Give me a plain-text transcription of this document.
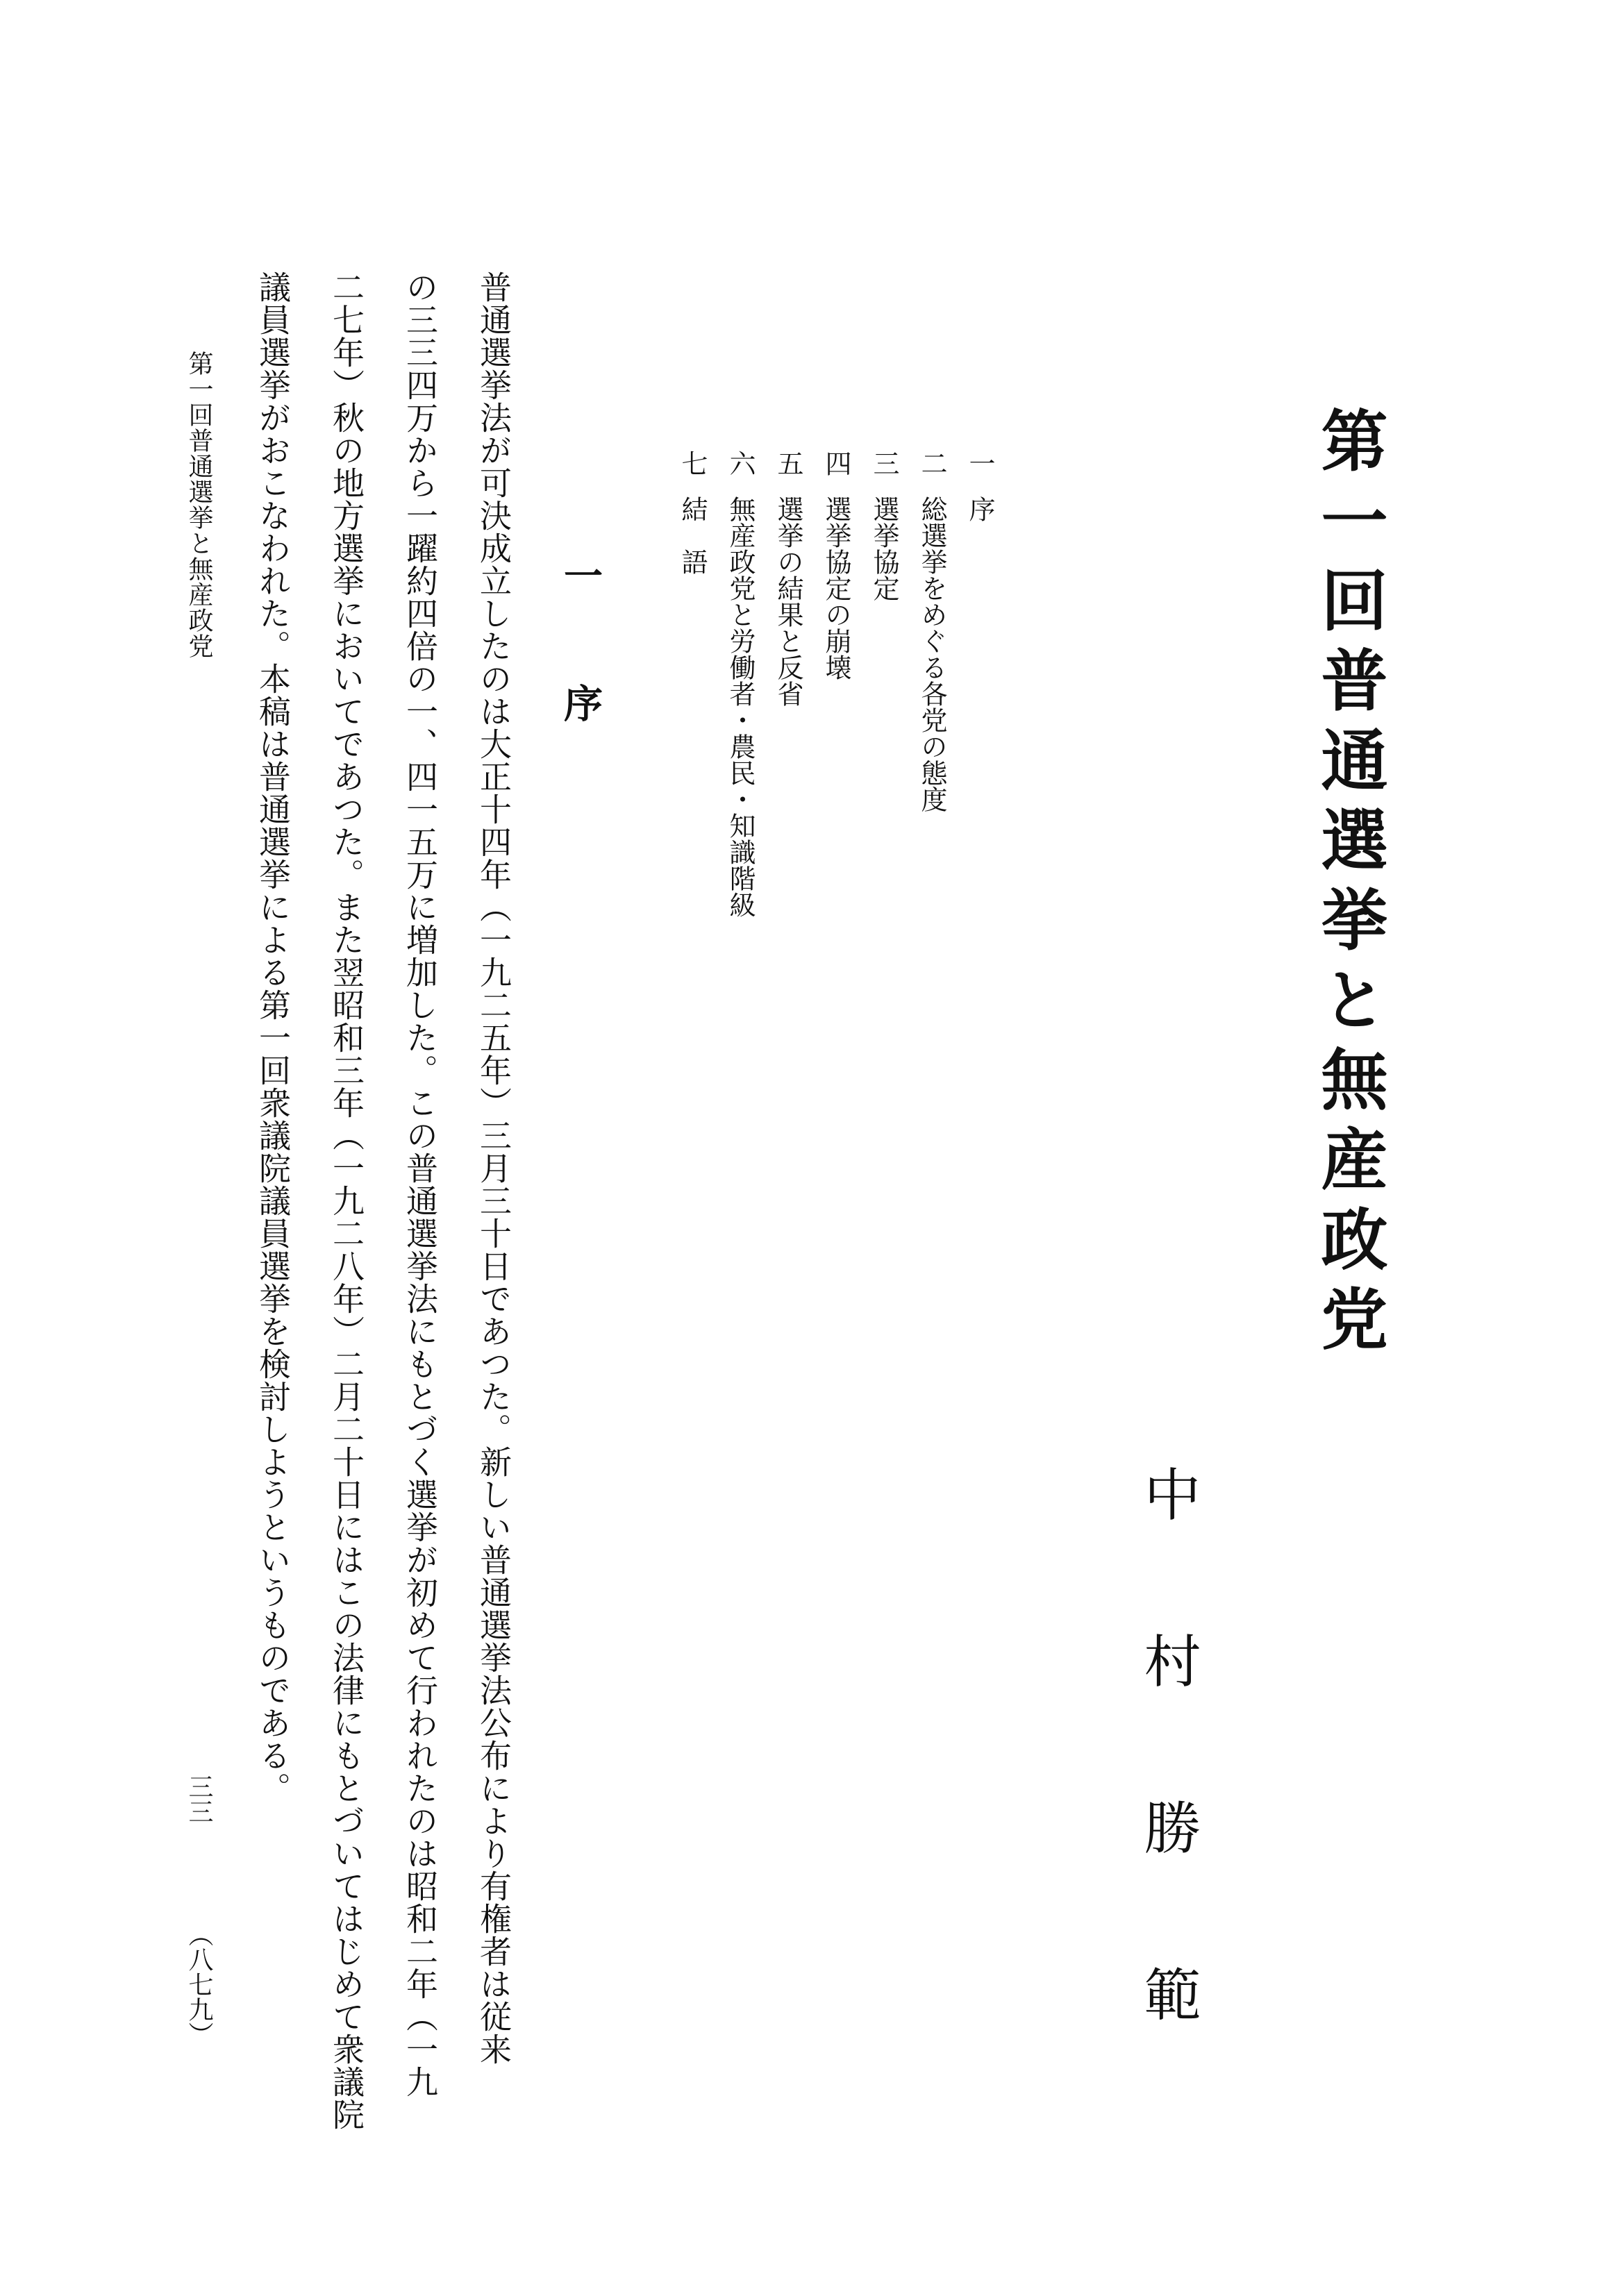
第一回普通選挙と無産政党
中村勝範
一序
二総選挙をめぐる各党の態度
三選挙協定
四選挙協定の崩壊
五選挙の結果と反省
六無産政党と労働者・農民・知識階級
七結　語
一　序

普通選挙法が可決成立したのは大正十四年（一九二五年）三月三十日であつた。新しい普通選挙法公布により有権者は従来

の三三四万から一躍約四倍の一、四一五万に増加した。この普通選挙法にもとづく選挙が初めて行われたのは昭和二年（一九

二七年）秋の地方選挙においてであつた。また翌昭和三年（一九二八年）二月二十日にはこの法律にもとづいてはじめて衆議院

議員選挙がおこなわれた。本稿は普通選挙による第一回衆議院議員選挙を検討しようというものである。

第一回普通選挙と無産政党
三三
（八七九）
